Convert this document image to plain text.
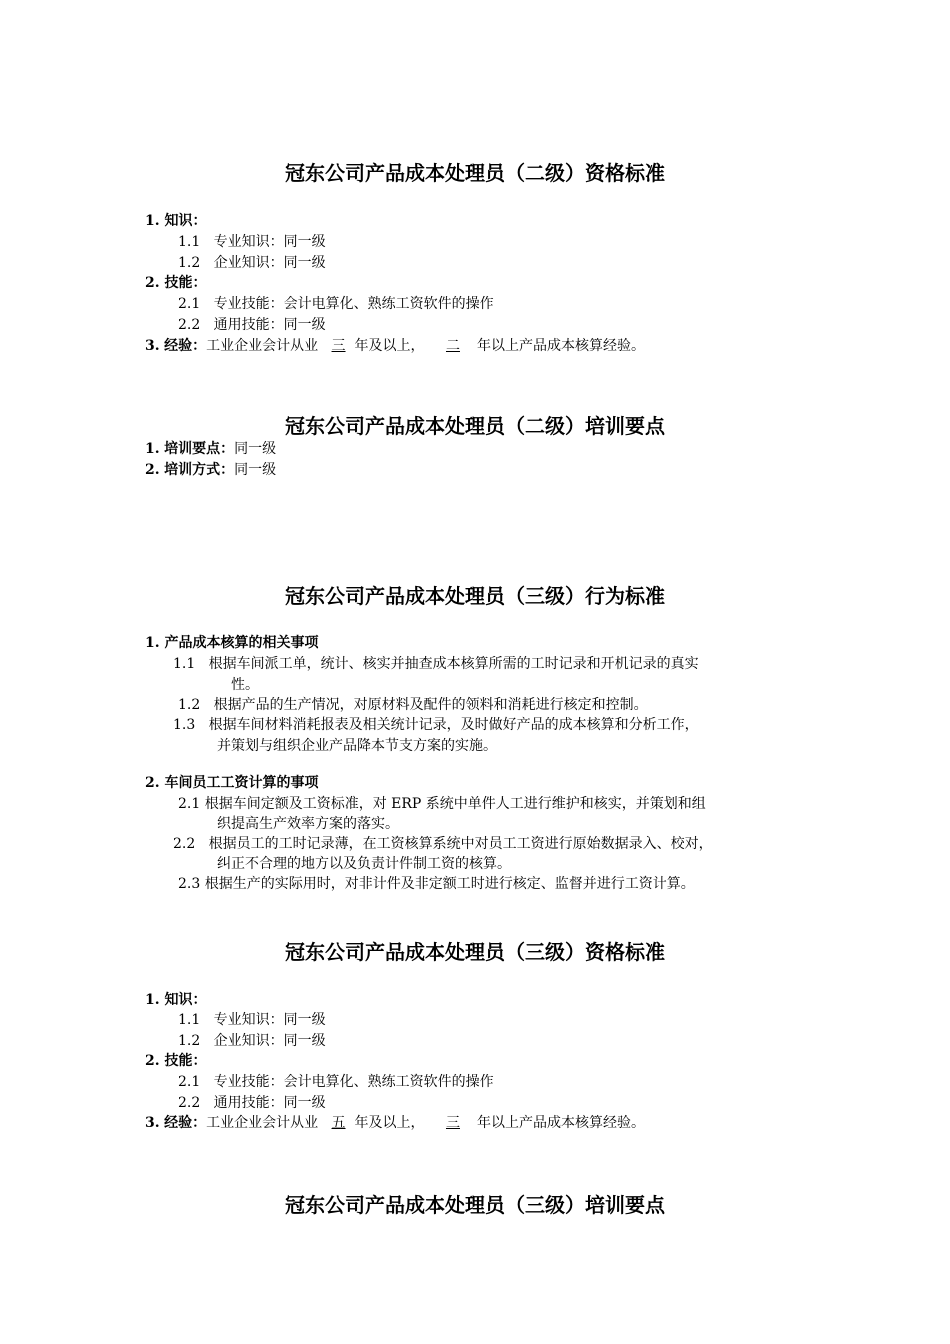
冠东公司产品成本处理员（二级）资格标准
1. 知识：
1.1 专业知识：同一级
1.2 企业知识：同一级
2. 技能：
2.1 专业技能：会计电算化、熟练工资软件的操作
2.2 通用技能：同一级
3. 经验：工业企业会计从业 三 年及以上， 二 年以上产品成本核算经验。
冠东公司产品成本处理员（二级）培训要点
1. 培训要点：同一级
2. 培训方式：同一级
冠东公司产品成本处理员（三级）行为标准
1. 产品成本核算的相关事项
1.1 根据车间派工单，统计、核实并抽查成本核算所需的工时记录和开机记录的真实
性。
1.2 根据产品的生产情况，对原材料及配件的领料和消耗进行核定和控制。
1.3 根据车间材料消耗报表及相关统计记录，及时做好产品的成本核算和分析工作，
并策划与组织企业产品降本节支方案的实施。
2. 车间员工工资计算的事项
2.1 根据车间定额及工资标准，对 ERP 系统中单件人工进行维护和核实，并策划和组
织提高生产效率方案的落实。
2.2 根据员工的工时记录薄，在工资核算系统中对员工工资进行原始数据录入、校对，
纠正不合理的地方以及负责计件制工资的核算。
2.3 根据生产的实际用时，对非计件及非定额工时进行核定、监督并进行工资计算。
冠东公司产品成本处理员（三级）资格标准
1. 知识：
1.1 专业知识：同一级
1.2 企业知识：同一级
2. 技能：
2.1 专业技能：会计电算化、熟练工资软件的操作
2.2 通用技能：同一级
3. 经验：工业企业会计从业 五 年及以上， 三 年以上产品成本核算经验。
冠东公司产品成本处理员（三级）培训要点
